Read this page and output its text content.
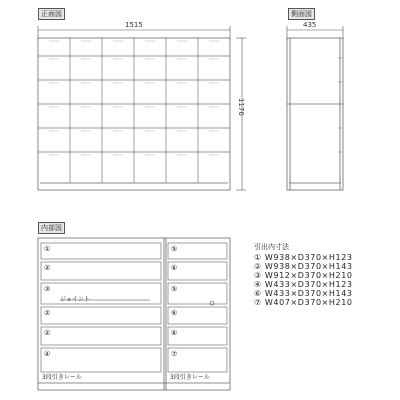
正面図	側面図
内部図
1515
1176
435
①
②
③
②
②
④
⑤
⑥
⑤
⑥
⑥
⑦
ジョイント
3段引きレール	3段引きレール
引出内寸法
① W938×D370×H123
② W938×D370×H143
③ W912×D370×H210
④ W433×D370×H123
⑥ W433×D370×H143
⑦ W407×D370×H210
